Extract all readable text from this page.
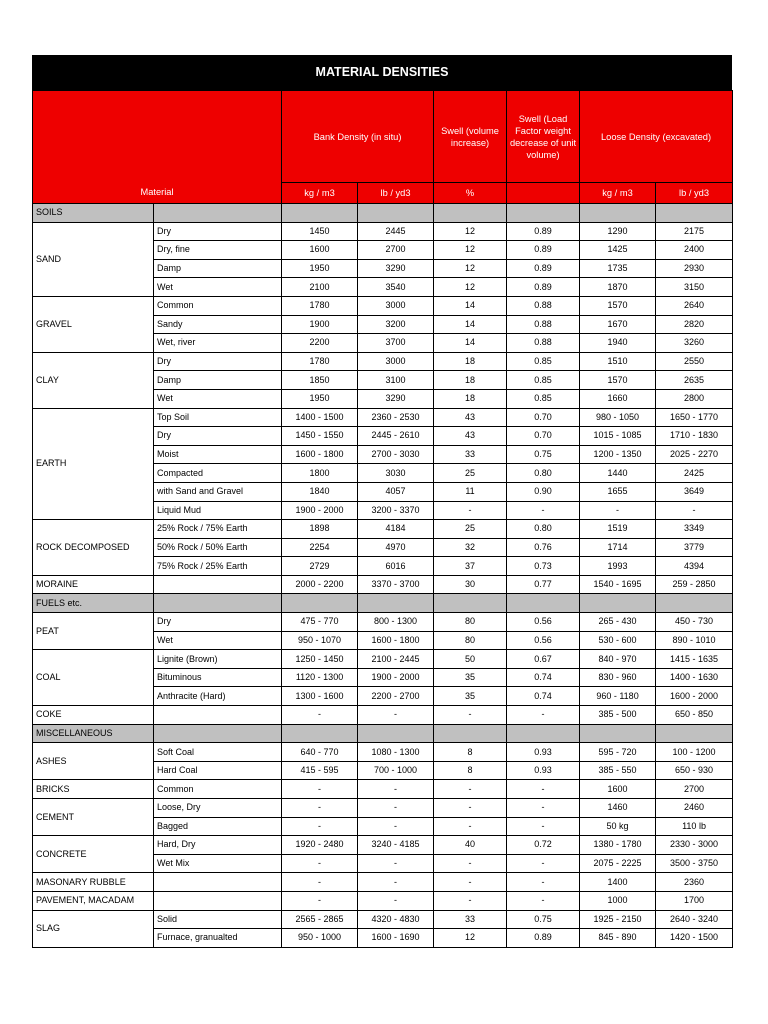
MATERIAL DENSITIES
Material		Bank Density (in situ)		Swell (volume increase)	Swell (Load Factor weight decrease of unit volume)	Loose Density (excavated)	
		kg / m3	lb / yd3	%		kg / m3	lb / yd3
SOILS							
SAND	Dry	1450	2445	12	0.89	1290	2175
	Dry, fine	1600	2700	12	0.89	1425	2400
	Damp	1950	3290	12	0.89	1735	2930
	Wet	2100	3540	12	0.89	1870	3150
GRAVEL	Common	1780	3000	14	0.88	1570	2640
	Sandy	1900	3200	14	0.88	1670	2820
	Wet, river	2200	3700	14	0.88	1940	3260
CLAY	Dry	1780	3000	18	0.85	1510	2550
	Damp	1850	3100	18	0.85	1570	2635
	Wet	1950	3290	18	0.85	1660	2800
EARTH	Top Soil	1400 - 1500	2360 - 2530	43	0.70	980 - 1050	1650 - 1770
	Dry	1450 - 1550	2445 - 2610	43	0.70	1015 - 1085	1710 - 1830
	Moist	1600 - 1800	2700 - 3030	33	0.75	1200 - 1350	2025 - 2270
	Compacted	1800	3030	25	0.80	1440	2425
	with Sand and Gravel	1840	4057	11	0.90	1655	3649
	Liquid Mud	1900 - 2000	3200 - 3370	-	-	-	-
ROCK DECOMPOSED	25% Rock / 75% Earth	1898	4184	25	0.80	1519	3349
	50% Rock / 50% Earth	2254	4970	32	0.76	1714	3779
	75% Rock / 25% Earth	2729	6016	37	0.73	1993	4394
MORAINE		2000 - 2200	3370 - 3700	30	0.77	1540 - 1695	259 - 2850
FUELS etc.							
PEAT	Dry	475 - 770	800 - 1300	80	0.56	265 - 430	450 - 730
	Wet	950 - 1070	1600 - 1800	80	0.56	530 - 600	890 - 1010
COAL	Lignite (Brown)	1250 - 1450	2100 - 2445	50	0.67	840 - 970	1415 - 1635
	Bituminous	1120 - 1300	1900 - 2000	35	0.74	830 - 960	1400 - 1630
	Anthracite (Hard)	1300 - 1600	2200 - 2700	35	0.74	960 - 1180	1600 - 2000
COKE		-	-	-	-	385 - 500	650 - 850
MISCELLANEOUS							
ASHES	Soft Coal	640 - 770	1080 - 1300	8	0.93	595 - 720	100 - 1200
	Hard Coal	415 - 595	700 - 1000	8	0.93	385 - 550	650 - 930
BRICKS	Common	-	-	-	-	1600	2700
CEMENT	Loose, Dry	-	-	-	-	1460	2460
	Bagged	-	-	-	-	50 kg	110 lb
CONCRETE	Hard, Dry	1920 - 2480	3240 - 4185	40	0.72	1380 - 1780	2330 - 3000
	Wet Mix	-	-	-	-	2075 - 2225	3500 - 3750
MASONARY RUBBLE		-	-	-	-	1400	2360
PAVEMENT, MACADAM		-	-	-	-	1000	1700
SLAG	Solid	2565 - 2865	4320 - 4830	33	0.75	1925 - 2150	2640 - 3240
	Furnace, granualted	950 - 1000	1600 - 1690	12	0.89	845 - 890	1420 - 1500
